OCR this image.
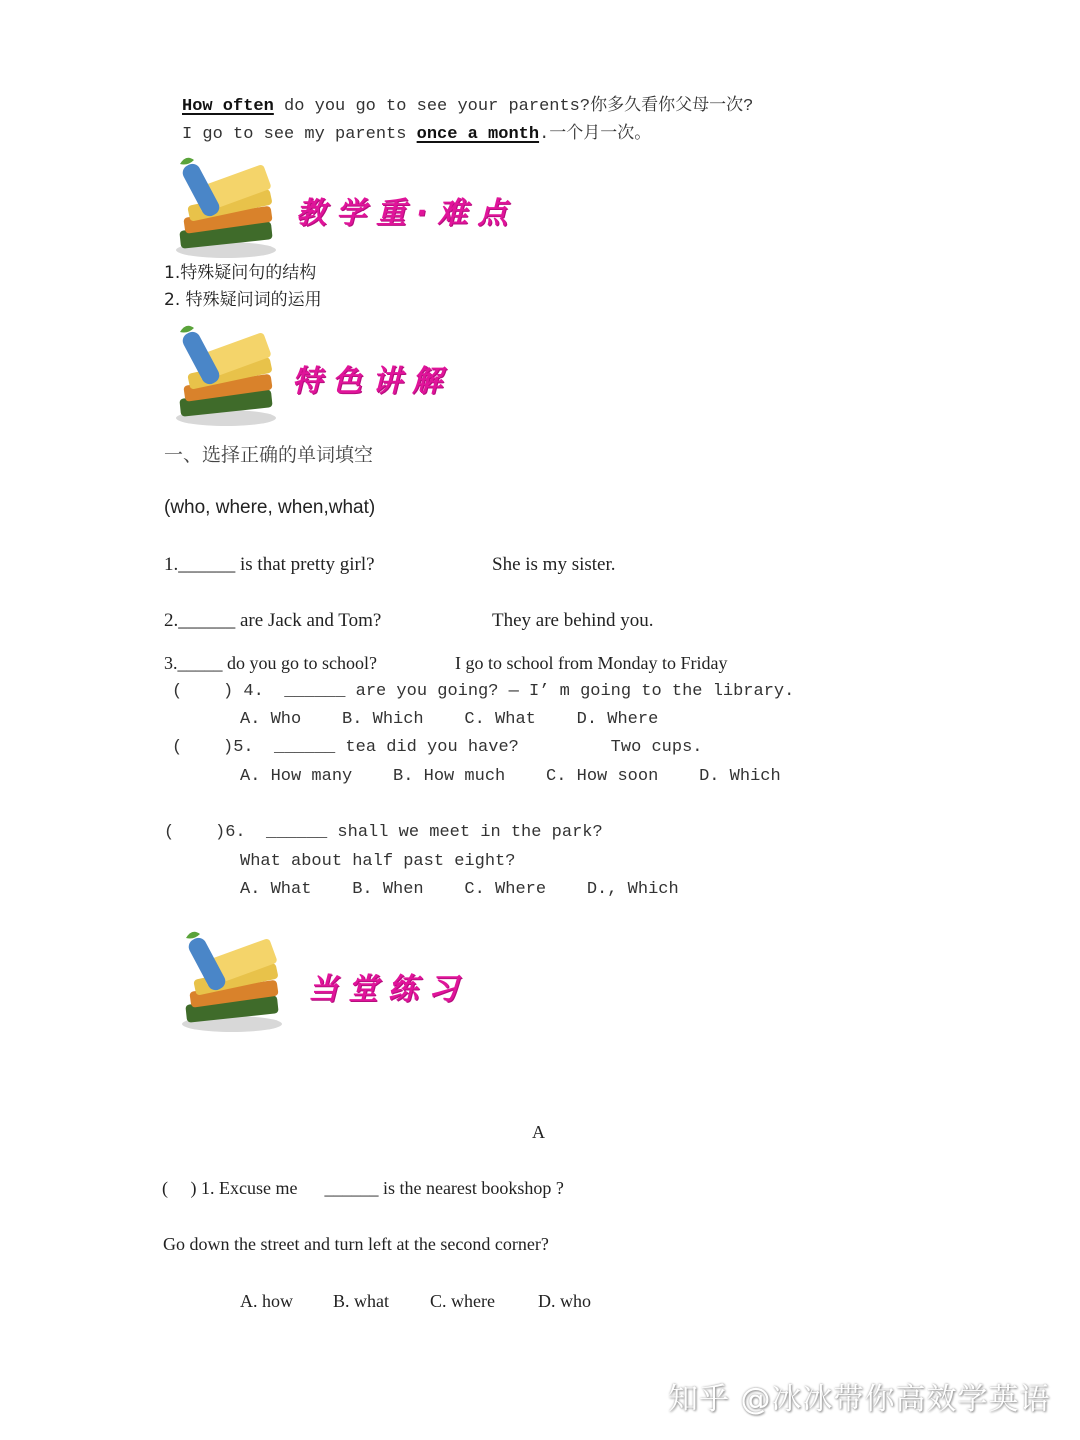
How often do you go to see your parents?你多久看你父母一次?
I go to see my parents once a month.一个月一次。
教学重·难点
1.特殊疑问句的结构
2. 特殊疑问词的运用
特色讲解
一、选择正确的单词填空
(who, where, when,what)
1.______ is that pretty girl?	She is my sister.
2.______ are Jack and Tom?	They are behind you.
3._____ do you go to school?	I go to school from Monday to Friday
(    ) 4.  ______ are you going? — I’ m going to the library.
A. Who    B. Which    C. What    D. Where
(    )5.  ______ tea did you have?         Two cups.
A. How many    B. How much    C. How soon    D. Which
(    )6.  ______ shall we meet in the park?
What about half past eight?
A. What    B. When    C. Where    D., Which
当堂练习
A
(     ) 1. Excuse me      ______ is the nearest bookshop ?
Go down the street and turn left at the second corner?
A. how B. what C. where D. who
知乎 @冰冰带你高效学英语
